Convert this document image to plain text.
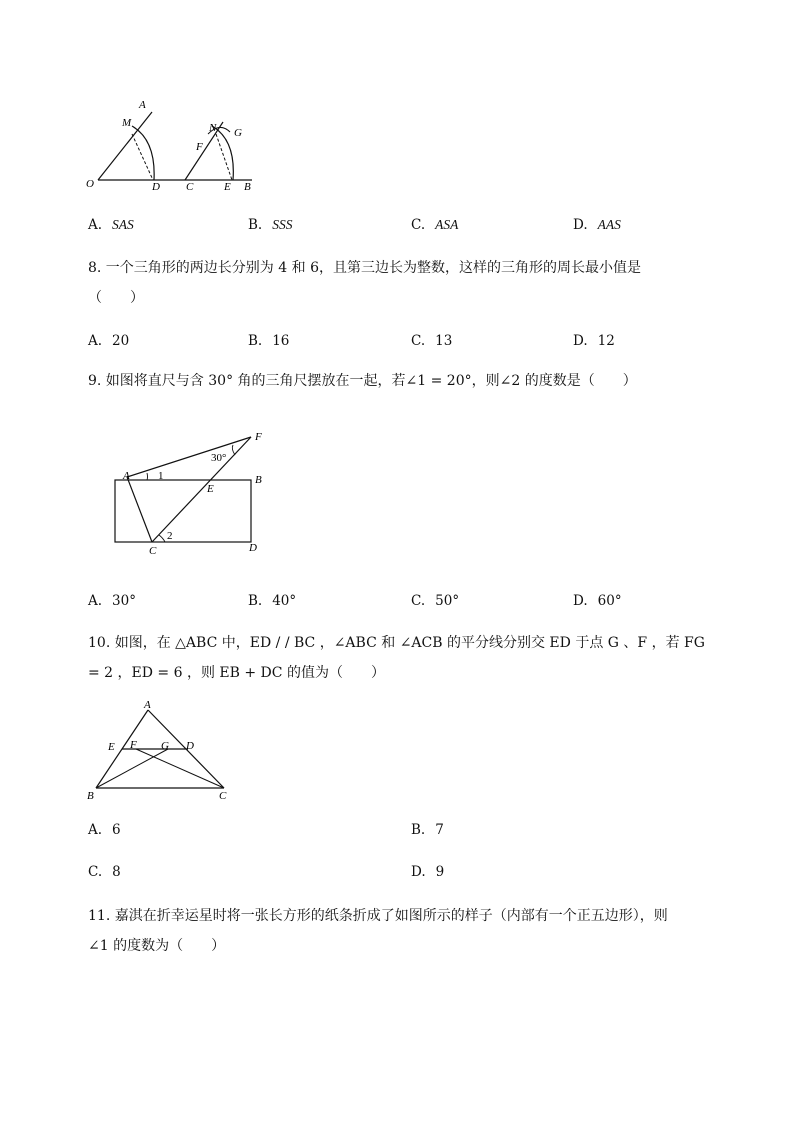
A
M
O	D
N G
F
C	E B
A. SAS	B. SSS	C. ASA	D. AAS
8. 一个三角形的两边长分别为 4 和 6，且第三边长为整数，这样的三角形的周长最小值是
（　　）
A. 20	B. 16	C. 13	D. 12
9. 如图将直尺与含 30° 角的三角尺摆放在一起，若∠1 = 20°，则∠2 的度数是（　　）
F
30°
A	1	B
E
C
2
D
A. 30°	B. 40°	C. 50°	D. 60°
10. 如图，在 △ABC 中，ED / / BC ，∠ABC 和 ∠ACB 的平分线分别交 ED 于点 G 、F ，若 FG
= 2 ，ED = 6 ，则 EB + DC 的值为（　　）
A
E F G D
B	C
A. 6	B. 7
C. 8	D. 9
11. 嘉淇在折幸运星时将一张长方形的纸条折成了如图所示的样子（内部有一个正五边形），则
∠1 的度数为（　　）
